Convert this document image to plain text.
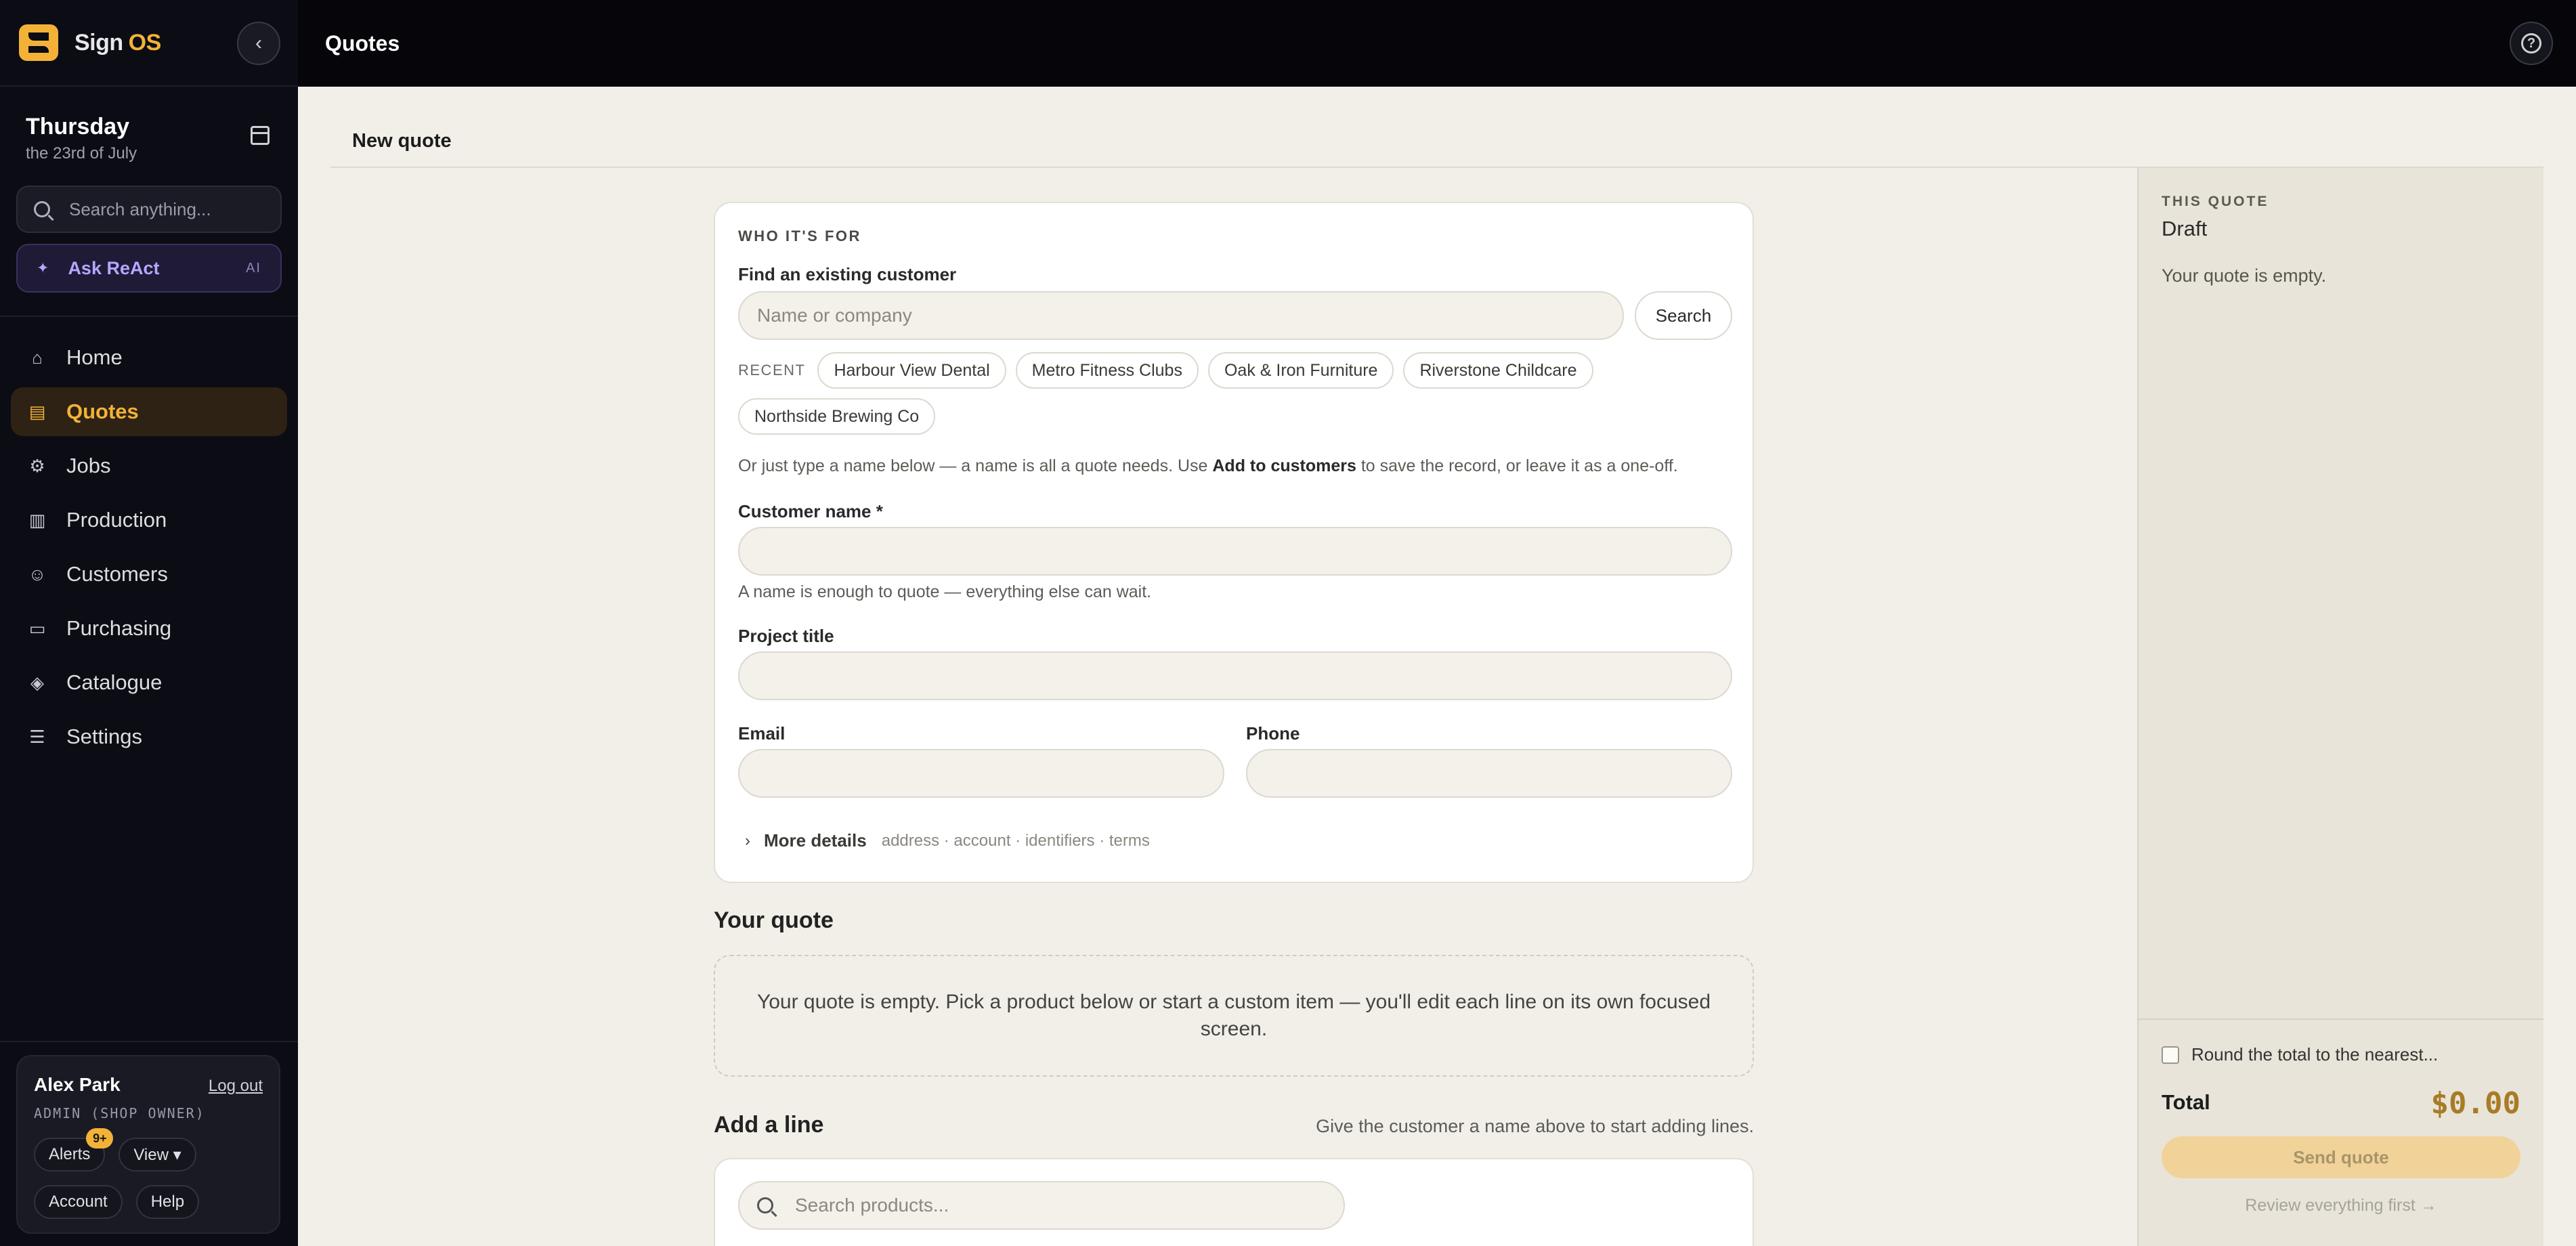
Sign OS	‹
Thursday
the 23rd of July
Search anything...
✦ Ask ReAct	AI
⌂ Home
▤ Quotes
⚙ Jobs
▥ Production
☺ Customers
▭ Purchasing
◈ Catalogue
☰ Settings
Alex Park	Log out
ADMIN (SHOP OWNER)
Alerts
9+
View ▾
Account	Help
Quotes	?
New quote
WHO IT'S FOR
Find an existing customer
Name or company	Search
RECENT	Harbour View Dental	Metro Fitness Clubs	Oak & Iron Furniture	Riverstone Childcare
Northside Brewing Co
Or just type a name below — a name is all a quote needs. Use Add to customers to save the record, or leave it as a one-off.
Customer name *
A name is enough to quote — everything else can wait.
Project title
Email	Phone
› More details address · account · identifiers · terms
Your quote
Your quote is empty. Pick a product below or start a custom item — you'll edit each line on its own focused screen.
Add a line	Give the customer a name above to start adding lines.
Search products...
THIS QUOTE
Draft
Your quote is empty.
Round the total to the nearest...
Total	$0.00
Send quote
Review everything first →
